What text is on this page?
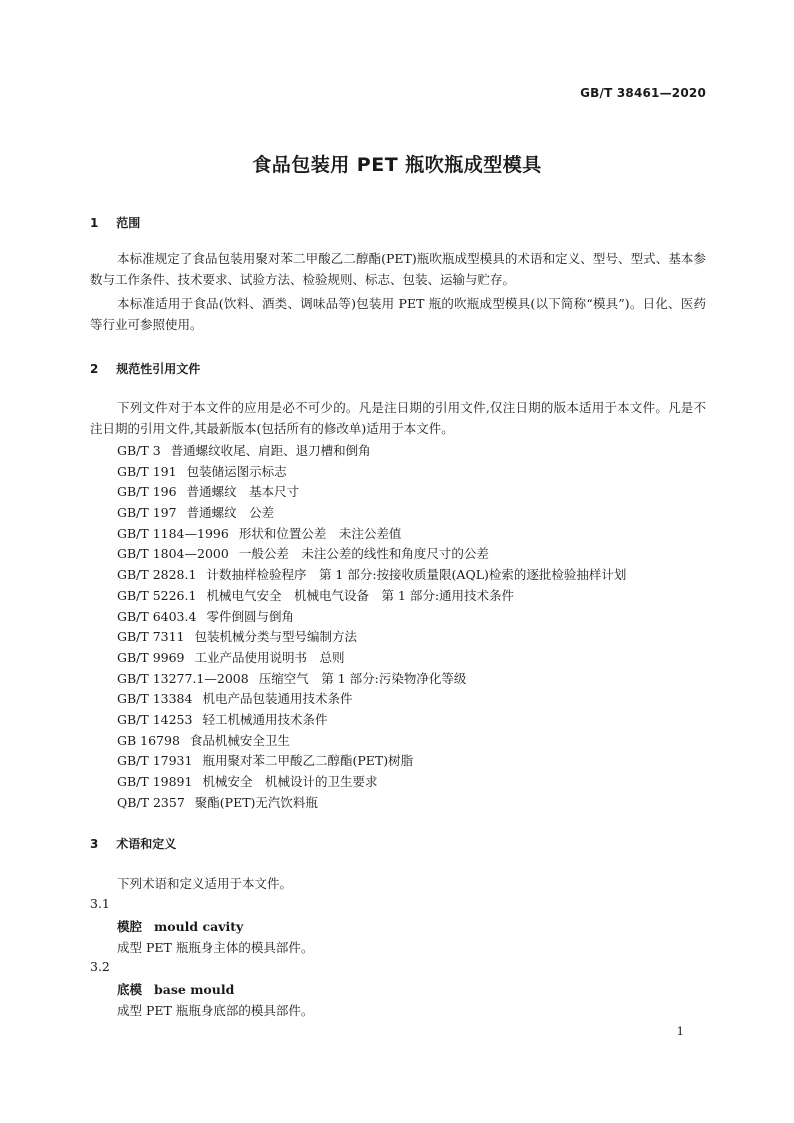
GB/T 38461—2020
食品包装用 PET 瓶吹瓶成型模具
1 范围

本标准规定了食品包装用聚对苯二甲酸乙二醇酯(PET)瓶吹瓶成型模具的术语和定义、型号、型式、基本参数与工作条件、技术要求、试验方法、检验规则、标志、包装、运输与贮存。

本标准适用于食品(饮料、酒类、调味品等)包装用 PET 瓶的吹瓶成型模具(以下简称“模具”)。日化、医药等行业可参照使用。

2 规范性引用文件

下列文件对于本文件的应用是必不可少的。凡是注日期的引用文件,仅注日期的版本适用于本文件。凡是不注日期的引用文件,其最新版本(包括所有的修改单)适用于本文件。

GB/T 3 普通螺纹收尾、肩距、退刀槽和倒角
GB/T 191 包装储运图示标志
GB/T 196 普通螺纹　基本尺寸
GB/T 197 普通螺纹　公差
GB/T 1184—1996 形状和位置公差　未注公差值
GB/T 1804—2000 一般公差　未注公差的线性和角度尺寸的公差
GB/T 2828.1 计数抽样检验程序　第 1 部分:按接收质量限(AQL)检索的逐批检验抽样计划
GB/T 5226.1 机械电气安全　机械电气设备　第 1 部分:通用技术条件
GB/T 6403.4 零件倒圆与倒角
GB/T 7311 包装机械分类与型号编制方法
GB/T 9969 工业产品使用说明书　总则
GB/T 13277.1—2008 压缩空气　第 1 部分:污染物净化等级
GB/T 13384 机电产品包装通用技术条件
GB/T 14253 轻工机械通用技术条件
GB 16798 食品机械安全卫生
GB/T 17931 瓶用聚对苯二甲酸乙二醇酯(PET)树脂
GB/T 19891 机械安全　机械设计的卫生要求
QB/T 2357 聚酯(PET)无汽饮料瓶
3 术语和定义

下列术语和定义适用于本文件。

3.1
模腔 mould cavity
成型 PET 瓶瓶身主体的模具部件。
3.2
底模 base mould
成型 PET 瓶瓶身底部的模具部件。
1
